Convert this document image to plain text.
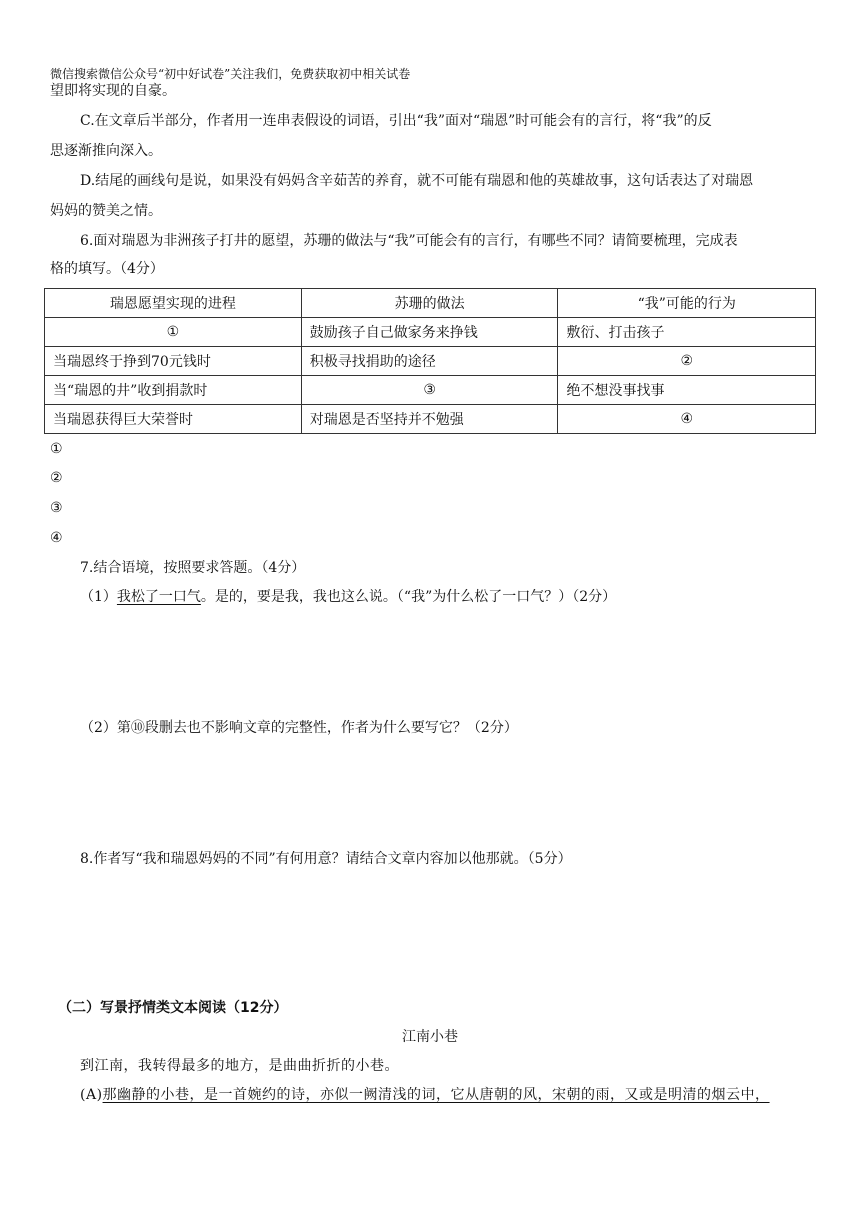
微信搜索微信公众号“初中好试卷”关注我们，免费获取初中相关试卷
望即将实现的自豪。
C.在文章后半部分，作者用一连串表假设的词语，引出“我”面对“瑞恩”时可能会有的言行，将“我”的反
思逐渐推向深入。
D.结尾的画线句是说，如果没有妈妈含辛茹苦的养育，就不可能有瑞恩和他的英雄故事，这句话表达了对瑞恩
妈妈的赞美之情。
6.面对瑞恩为非洲孩子打井的愿望，苏珊的做法与“我”可能会有的言行，有哪些不同？请简要梳理，完成表
格的填写。（4分）
瑞恩愿望实现的进程	苏珊的做法	“我”可能的行为
①	鼓励孩子自己做家务来挣钱	敷衍、打击孩子
当瑞恩终于挣到70元钱时	积极寻找捐助的途径	②
当“瑞恩的井”收到捐款时	③	绝不想没事找事
当瑞恩获得巨大荣誉时	对瑞恩是否坚持并不勉强	④
①
②
③
④
7.结合语境，按照要求答题。（4分）
（1）我松了一口气。是的，要是我，我也这么说。（“我”为什么松了一口气？）（2分）
（2）第⑩段删去也不影响文章的完整性，作者为什么要写它？（2分）
8.作者写“我和瑞恩妈妈的不同”有何用意？请结合文章内容加以他那就。（5分）
（二）写景抒情类文本阅读（12分）
江南小巷
到江南，我转得最多的地方，是曲曲折折的小巷。
(A)那幽静的小巷，是一首婉约的诗，亦似一阙清浅的词，它从唐朝的风，宋朝的雨，又或是明清的烟云中，
